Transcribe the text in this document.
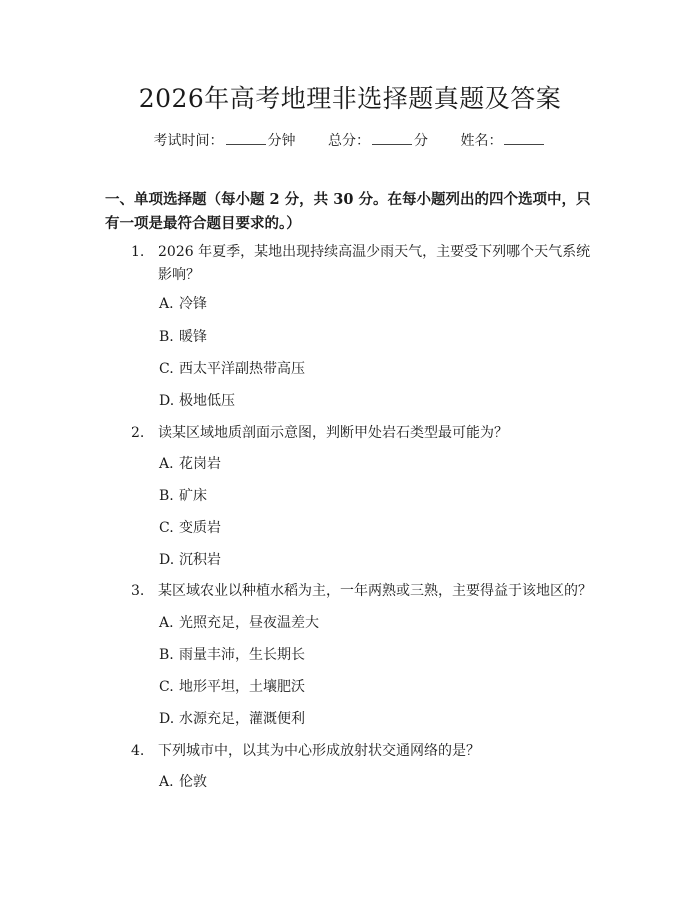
2026年高考地理非选择题真题及答案
考试时间：	分钟 总分：	分 姓名：
一、单项选择题（每小题 2 分，共 30 分。在每小题列出的四个选项中，只有一项是最符合题目要求的。）
1. 2026 年夏季，某地出现持续高温少雨天气，主要受下列哪个天气系统影响？
A. 冷锋
B. 暖锋
C. 西太平洋副热带高压
D. 极地低压
2. 读某区域地质剖面示意图，判断甲处岩石类型最可能为？
A. 花岗岩
B. 矿床
C. 变质岩
D. 沉积岩
3. 某区域农业以种植水稻为主，一年两熟或三熟，主要得益于该地区的？
A. 光照充足，昼夜温差大
B. 雨量丰沛，生长期长
C. 地形平坦，土壤肥沃
D. 水源充足，灌溉便利
4. 下列城市中，以其为中心形成放射状交通网络的是？
A. 伦敦
